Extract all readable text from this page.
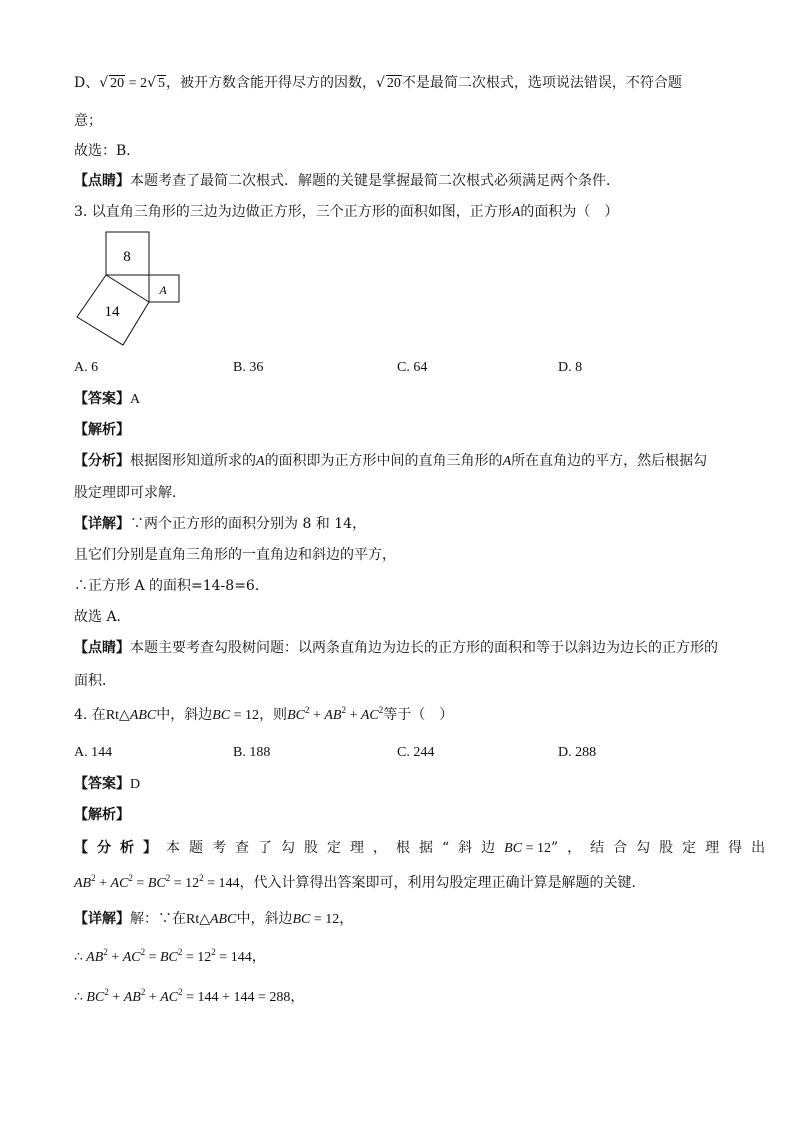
D、√ 20 = 2√ 5，被开方数含能开得尽方的因数，√ 20不是最简二次根式，选项说法错误，不符合题
意；
故选：B．
【点睛】本题考查了最简二次根式．解题的关键是掌握最简二次根式必须满足两个条件．
3. 以直角三角形的三边为边做正方形，三个正方形的面积如图，正方形A的面积为（　）
8
A
14
A. 6	B. 36	C. 64	D. 8
【答案】A
【解析】
【分析】根据图形知道所求的A的面积即为正方形中间的直角三角形的A所在直角边的平方，然后根据勾
股定理即可求解．
【详解】∵两个正方形的面积分别为 8 和 14，
且它们分别是直角三角形的一直角边和斜边的平方，
∴正方形 A 的面积=14-8=6．
故选 A．
【点睛】本题主要考查勾股树问题：以两条直角边为边长的正方形的面积和等于以斜边为边长的正方形的
面积．
4. 在Rt△ABC中，斜边BC = 12，则$BC^2 + AB^2 + AC^2$等于（　）
A. 144	B. 188	C. 244	D. 288
【答案】D
【解析】
【分析】本题考查了勾股定理，根据“斜边BC = 12”，结合勾股定理得出
$AB^2 + AC^2 = BC^2 = 12^2 = 144$，代入计算得出答案即可，利用勾股定理正确计算是解题的关键．
【详解】解：∵在Rt△ABC中，斜边BC = 12，
∴ $AB^2 + AC^2 = BC^2 = 12^2 = 144$，
∴ $BC^2 + AB^2 + AC^2 = 144 + 144 = 288$，
